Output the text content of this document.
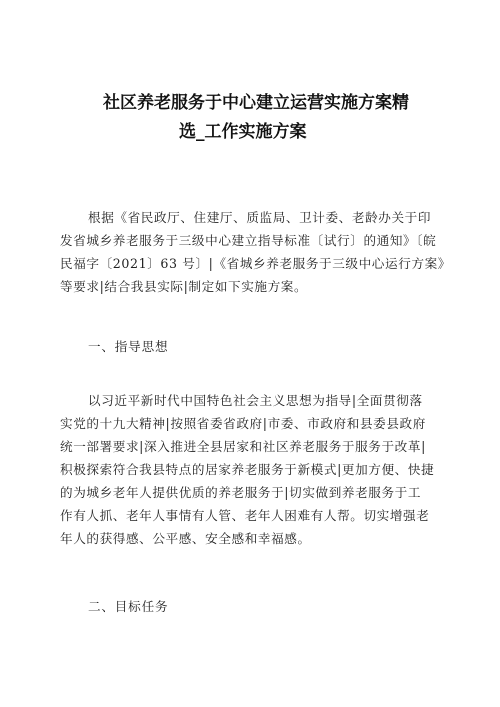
社区养老服务于中心建立运营实施方案精
选_工作实施方案
根据《省民政厅、住建厅、质监局、卫计委、老龄办关于印
发省城乡养老服务于三级中心建立指导标准〔试行〕的通知》〔皖
民福字〔2021〕63 号〕|《省城乡养老服务于三级中心运行方案》
等要求|结合我县实际|制定如下实施方案。
一、指导思想
以习近平新时代中国特色社会主义思想为指导|全面贯彻落
实党的十九大精神|按照省委省政府|市委、市政府和县委县政府
统一部署要求|深入推进全县居家和社区养老服务于服务于改革|
积极探索符合我县特点的居家养老服务于新模式|更加方便、快捷
的为城乡老年人提供优质的养老服务于|切实做到养老服务于工
作有人抓、老年人事情有人管、老年人困难有人帮。切实增强老
年人的获得感、公平感、安全感和幸福感。
二、目标任务
